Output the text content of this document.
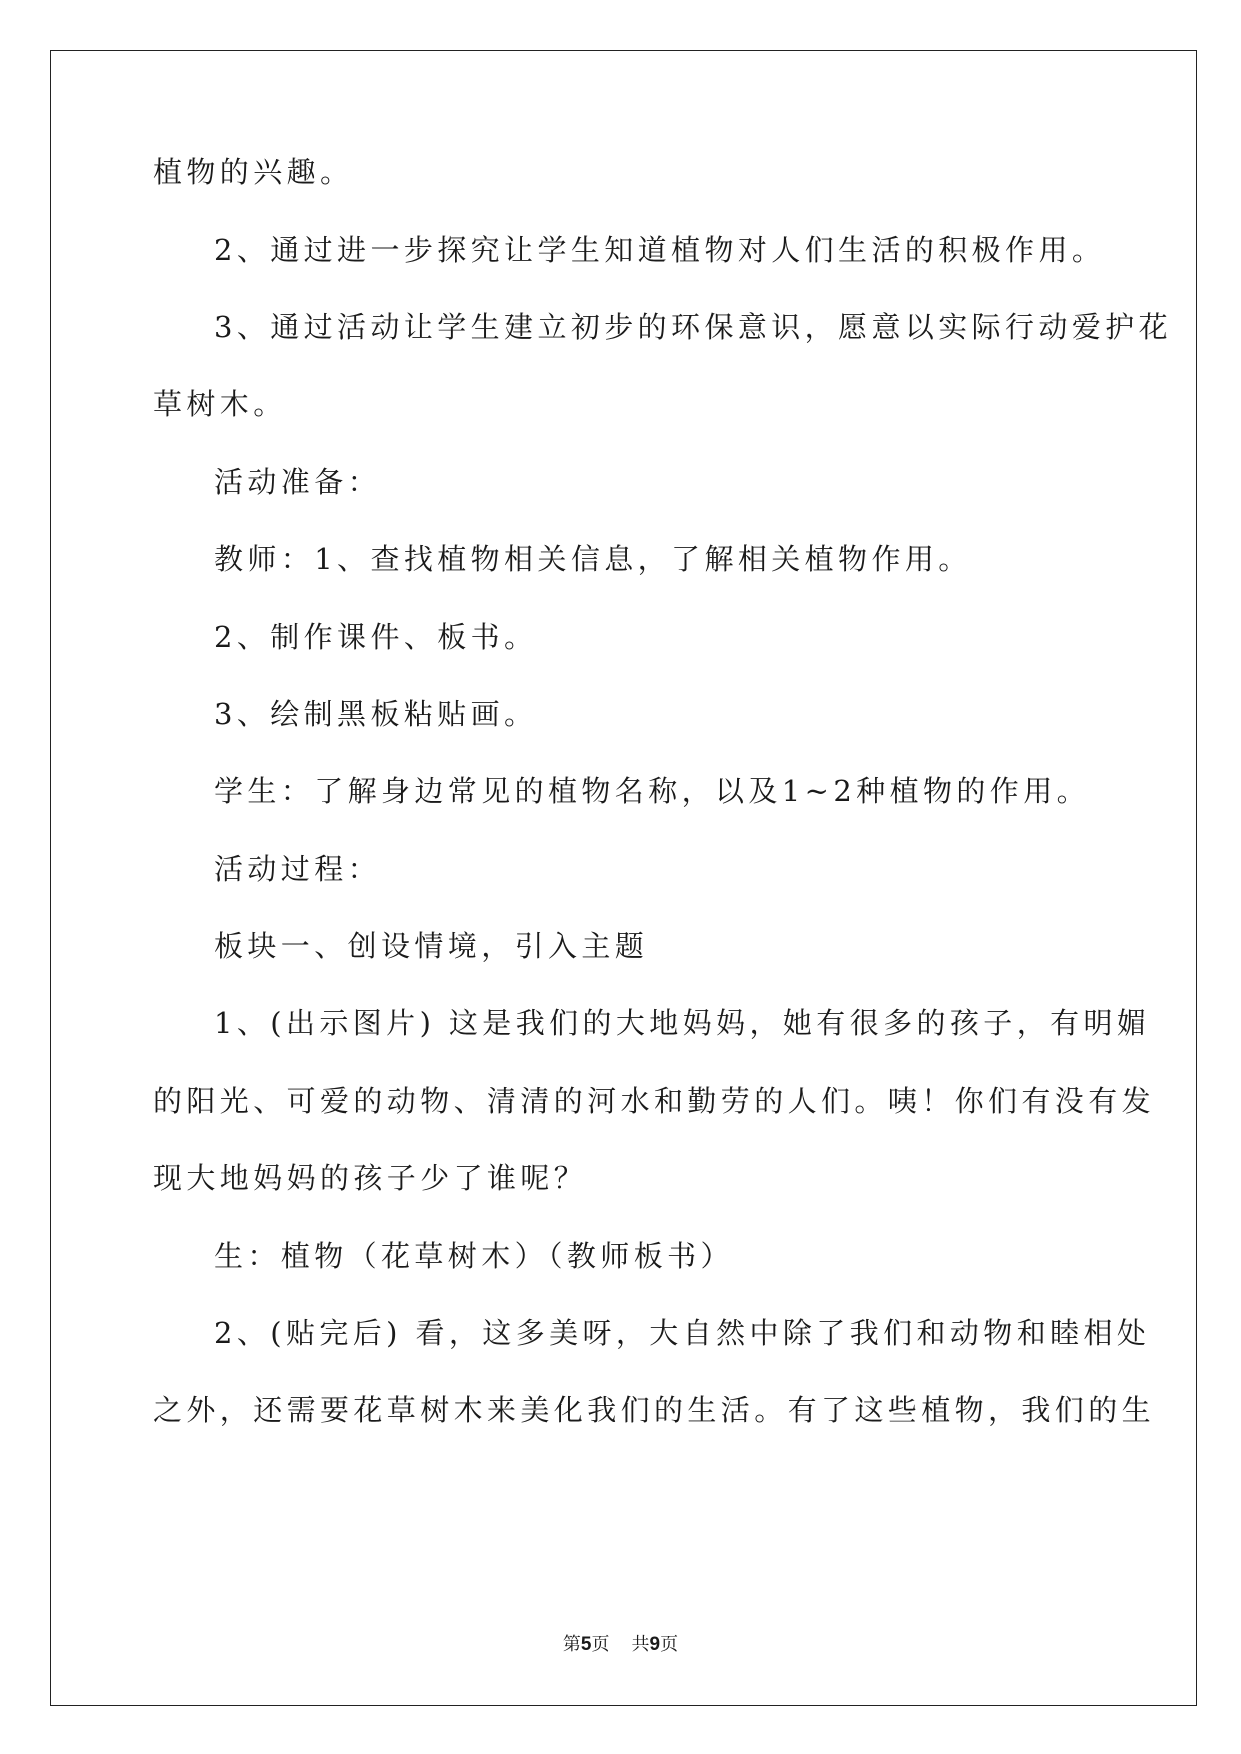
植物的兴趣。
2、通过进一步探究让学生知道植物对人们生活的积极作用。
3、通过活动让学生建立初步的环保意识，愿意以实际行动爱护花
草树木。
活动准备：
教师：1、查找植物相关信息，了解相关植物作用。
2、制作课件、板书。
3、绘制黑板粘贴画。
学生：了解身边常见的植物名称，以及1~2种植物的作用。
活动过程：
板块一、创设情境，引入主题
1、(出示图片) 这是我们的大地妈妈，她有很多的孩子，有明媚
的阳光、可爱的动物、清清的河水和勤劳的人们。咦！你们有没有发
现大地妈妈的孩子少了谁呢？
生：植物（花草树木）（教师板书）
2、(贴完后) 看，这多美呀，大自然中除了我们和动物和睦相处
之外，还需要花草树木来美化我们的生活。有了这些植物，我们的生
第5页 共9页
